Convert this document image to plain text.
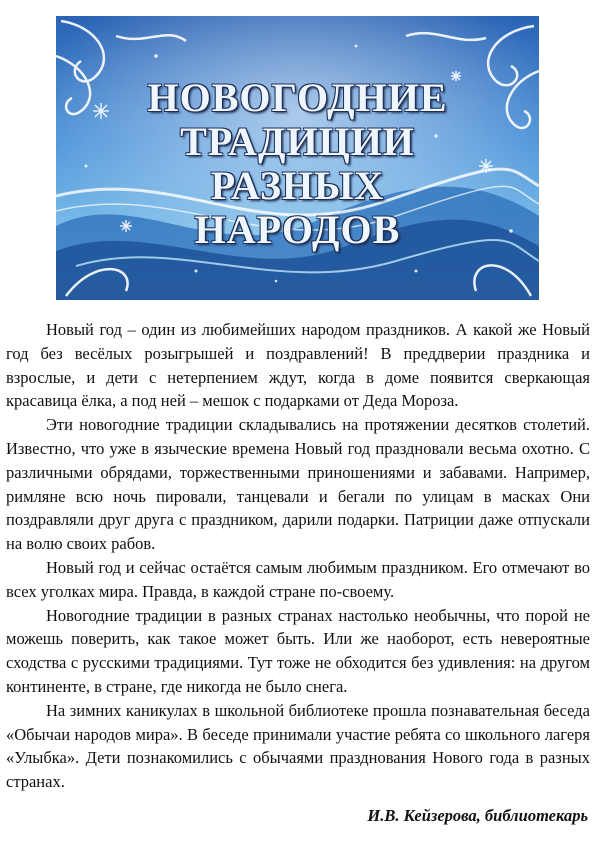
НОВОГОДНИЕ
ТРАДИЦИИ
РАЗНЫХ
НАРОДОВ

Новый год – один из любимейших народом праздников. А какой же Новый год без весёлых розыгрышей и поздравлений! В преддверии праздника и взрослые, и дети с нетерпением ждут, когда в доме появится сверкающая красавица ёлка, а под ней – мешок с подарками от Деда Мороза.

Эти новогодние традиции складывались на протяжении десятков столетий. Известно, что уже в языческие времена Новый год праздновали весьма охотно. С различными обрядами, торжественными приношениями и забавами. Например, римляне всю ночь пировали, танцевали и бегали по улицам в масках Они поздравляли друг друга с праздником, дарили подарки. Патриции даже отпускали на волю своих рабов.

Новый год и сейчас остаётся самым любимым праздником. Его отмечают во всех уголках мира. Правда, в каждой стране по-своему.

Новогодние традиции в разных странах настолько необычны, что порой не можешь поверить, как такое может быть. Или же наоборот, есть невероятные сходства с русскими традициями. Тут тоже не обходится без удивления: на другом континенте, в стране, где никогда не было снега.

На зимних каникулах в школьной библиотеке прошла познавательная беседа «Обычаи народов мира». В беседе принимали участие ребята со школьного лагеря «Улыбка». Дети познакомились с обычаями празднования Нового года в разных странах.

И.В. Кейзерова, библиотекарь
